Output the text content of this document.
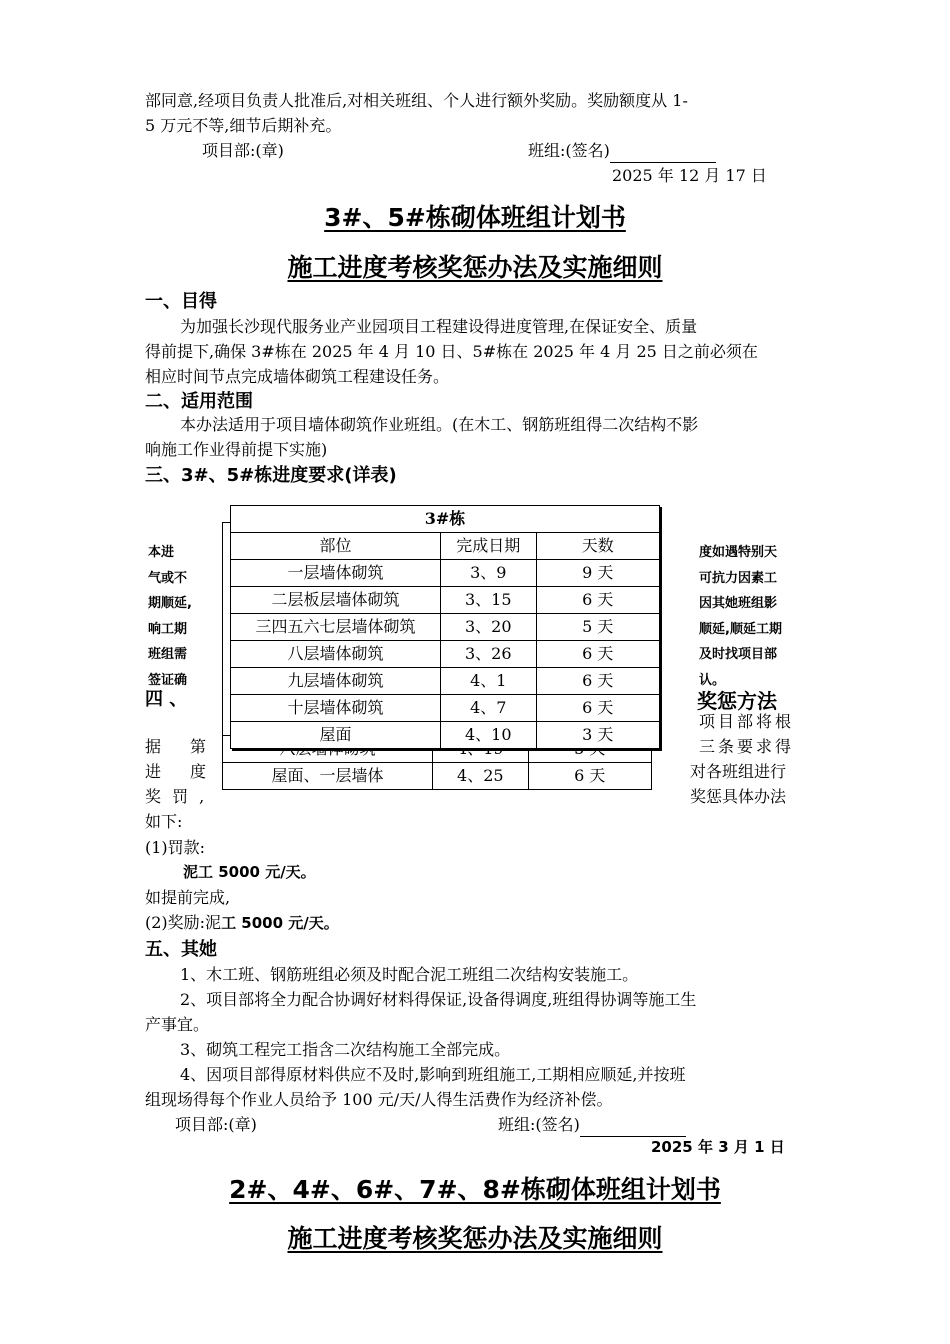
部同意,经项目负责人批准后,对相关班组、个人进行额外奖励。奖励额度从 1-
5 万元不等,细节后期补充。
项目部:(章)	班组:(签名)
2025 年 12 月 17 日
3#、5#栋砌体班组计划书
施工进度考核奖惩办法及实施细则
一、目得
为加强长沙现代服务业产业园项目工程建设得进度管理,在保证安全、质量
得前提下,确保 3#栋在 2025 年 4 月 10 日、5#栋在 2025 年 4 月 25 日之前必须在
相应时间节点完成墙体砌筑工程建设任务。
二、适用范围
本办法适用于项目墙体砌筑作业班组。(在木工、钢筋班组得二次结构不影
响施工作业得前提下实施)
三、3#、5#栋进度要求(详表)
本进
气或不
期顺延,
响工期
班组需
签证确
度如遇特别天
可抗力因素工
因其她班组影
顺延,顺延工期
及时找项目部
认。
四 、	奖惩方法
项目部将根
三条要求得
对各班组进行
奖惩具体办法
据 第
进 度
奖 罚 ,
如下:

屋面、一层墙体	4、25	6 天
3#栋		
部位	完成日期	天数
一层墙体砌筑	3、9	9 天
二层板层墙体砌筑	3、15	6 天
三四五六七层墙体砌筑	3、20	5 天
八层墙体砌筑	3、26	6 天
九层墙体砌筑	4、1	6 天
十层墙体砌筑	4、7	6 天
屋面	4、10	3 天
(1)罚款:
泥工 5000 元/天。
如提前完成,
(2)奖励:泥工 5000 元/天。
五、其她
1、木工班、钢筋班组必须及时配合泥工班组二次结构安装施工。
2、项目部将全力配合协调好材料得保证,设备得调度,班组得协调等施工生
产事宜。
3、砌筑工程完工指含二次结构施工全部完成。
4、因项目部得原材料供应不及时,影响到班组施工,工期相应顺延,并按班
组现场得每个作业人员给予 100 元/天/人得生活费作为经济补偿。
项目部:(章)	班组:(签名)
2025 年 3 月 1 日
2#、4#、6#、7#、8#栋砌体班组计划书
施工进度考核奖惩办法及实施细则
